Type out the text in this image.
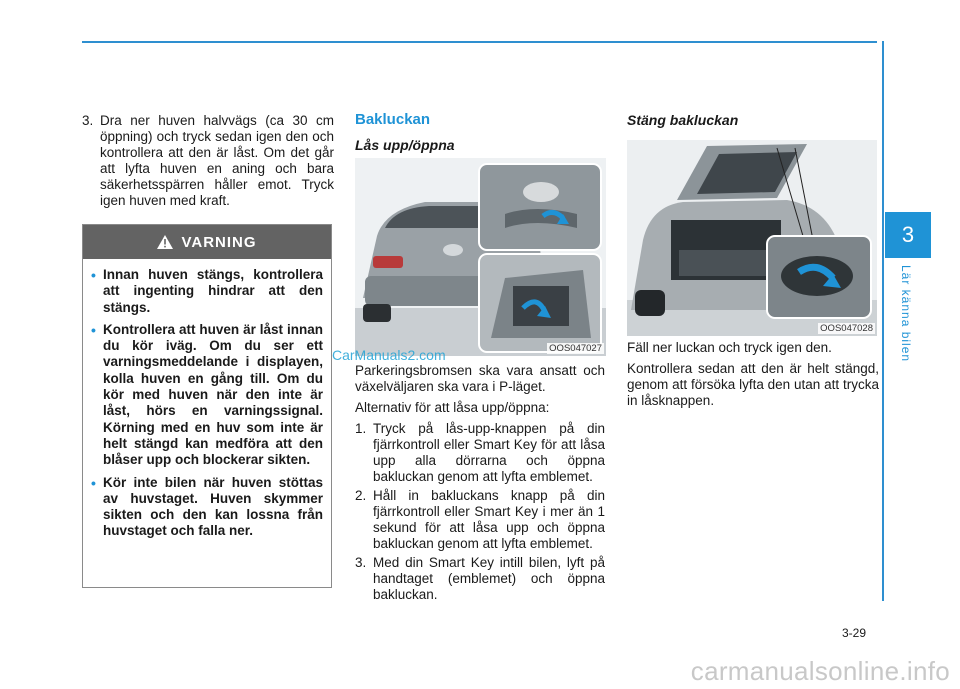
3
Lär känna bilen
3. Dra ner huven halvvägs (ca 30 cm öppning) och tryck sedan igen den och kontrollera att den är låst. Om det går att lyfta huven en aning och bara säkerhetsspärren håller emot. Tryck igen huven med kraft.
VARNING
• Innan huven stängs, kontrollera att ingenting hindrar att den stängs.
• Kontrollera att huven är låst innan du kör iväg. Om du ser ett varningsmeddelande i displayen, kolla huven en gång till. Om du kör med huven när den inte är låst, hörs en varningssignal. Körning med en huv som inte är helt stängd kan medföra att den blåser upp och blockerar sikten.
• Kör inte bilen när huven stöttas av huvstaget. Huven skymmer sikten och den kan lossna från huvstaget och falla ner.
Bakluckan
Lås upp/öppna

Parkeringsbromsen ska vara ansatt och växelväljaren ska vara i P-läget.

Alternativ för att låsa upp/öppna:

1. Tryck på lås-upp-knappen på din fjärrkontroll eller Smart Key för att låsa upp alla dörrarna och öppna bakluckan genom att lyfta emblemet.
2. Håll in bakluckans knapp på din fjärrkontroll eller Smart Key i mer än 1 sekund för att låsa upp och öppna bakluckan genom att lyfta emblemet.
3. Med din Smart Key intill bilen, lyft på handtaget (emblemet) och öppna bakluckan.
OOS047027
Stäng bakluckan

Fäll ner luckan och tryck igen den.

Kontrollera sedan att den är helt stängd, genom att försöka lyfta den utan att trycka in låsknappen.

OOS047028
CarManuals2.com
3-29
carmanualsonline.info
